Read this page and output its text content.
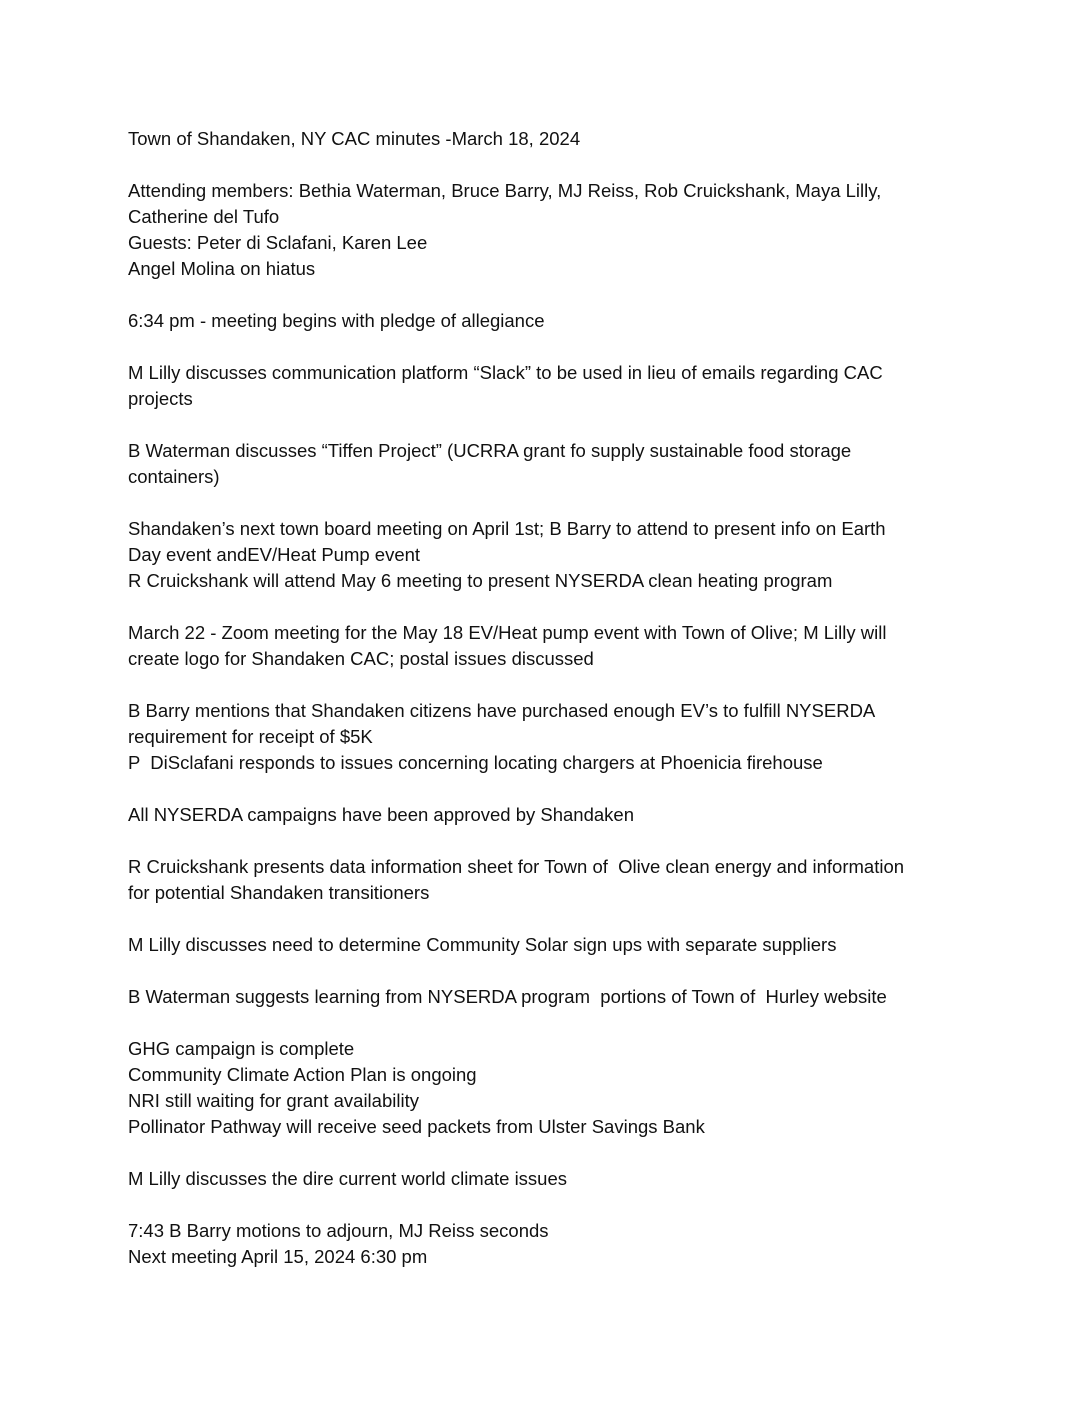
Town of Shandaken, NY CAC minutes -March 18, 2024
Attending members: Bethia Waterman, Bruce Barry, MJ Reiss, Rob Cruickshank, Maya Lilly,
Catherine del Tufo
Guests: Peter di Sclafani, Karen Lee
Angel Molina on hiatus
6:34 pm - meeting begins with pledge of allegiance
M Lilly discusses communication platform “Slack” to be used in lieu of emails regarding CAC
projects
B Waterman discusses “Tiffen Project” (UCRRA grant fo supply sustainable food storage
containers)
Shandaken’s next town board meeting on April 1st; B Barry to attend to present info on Earth
Day event andEV/Heat Pump event
R Cruickshank will attend May 6 meeting to present NYSERDA clean heating program
March 22 - Zoom meeting for the May 18 EV/Heat pump event with Town of Olive; M Lilly will
create logo for Shandaken CAC; postal issues discussed
B Barry mentions that Shandaken citizens have purchased enough EV’s to fulfill NYSERDA
requirement for receipt of $5K
P  DiSclafani responds to issues concerning locating chargers at Phoenicia firehouse
All NYSERDA campaigns have been approved by Shandaken
R Cruickshank presents data information sheet for Town of  Olive clean energy and information
for potential Shandaken transitioners
M Lilly discusses need to determine Community Solar sign ups with separate suppliers
B Waterman suggests learning from NYSERDA program  portions of Town of  Hurley website
GHG campaign is complete
Community Climate Action Plan is ongoing
NRI still waiting for grant availability
Pollinator Pathway will receive seed packets from Ulster Savings Bank
M Lilly discusses the dire current world climate issues
7:43 B Barry motions to adjourn, MJ Reiss seconds
Next meeting April 15, 2024 6:30 pm
